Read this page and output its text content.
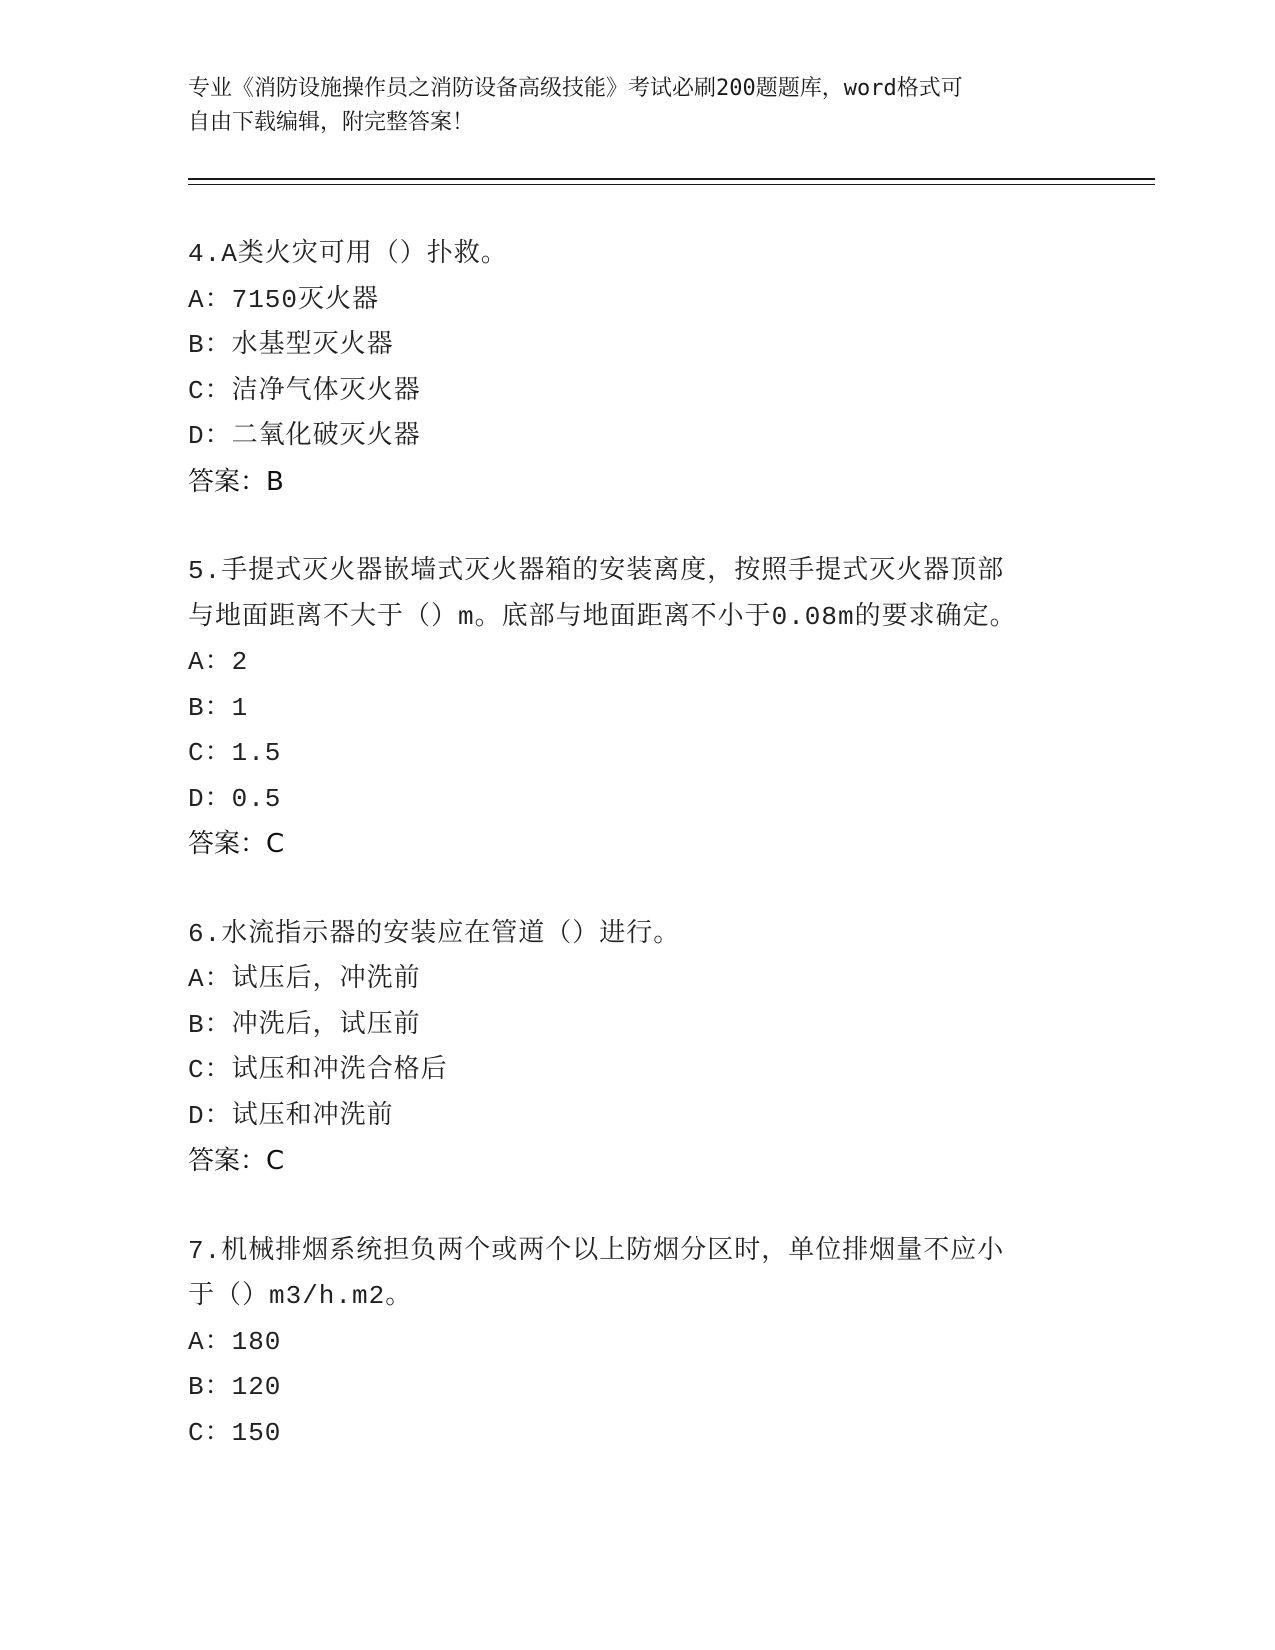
专业《消防设施操作员之消防设备高级技能》考试必刷200题题库，word格式可
自由下载编辑，附完整答案！
4.A类火灾可用（）扑救。
A：7150灭火器
B：水基型灭火器
C：洁净气体灭火器
D：二氧化破灭火器
答案：B
5.手提式灭火器嵌墙式灭火器箱的安装离度，按照手提式灭火器顶部
与地面距离不大于（）m。底部与地面距离不小于0.08m的要求确定。
A：2
B：1
C：1.5
D：0.5
答案：C
6.水流指示器的安装应在管道（）进行。
A：试压后，冲洗前
B：冲洗后，试压前
C：试压和冲洗合格后
D：试压和冲洗前
答案：C
7.机械排烟系统担负两个或两个以上防烟分区时，单位排烟量不应小
于（）m3/h.m2。
A：180
B：120
C：150
